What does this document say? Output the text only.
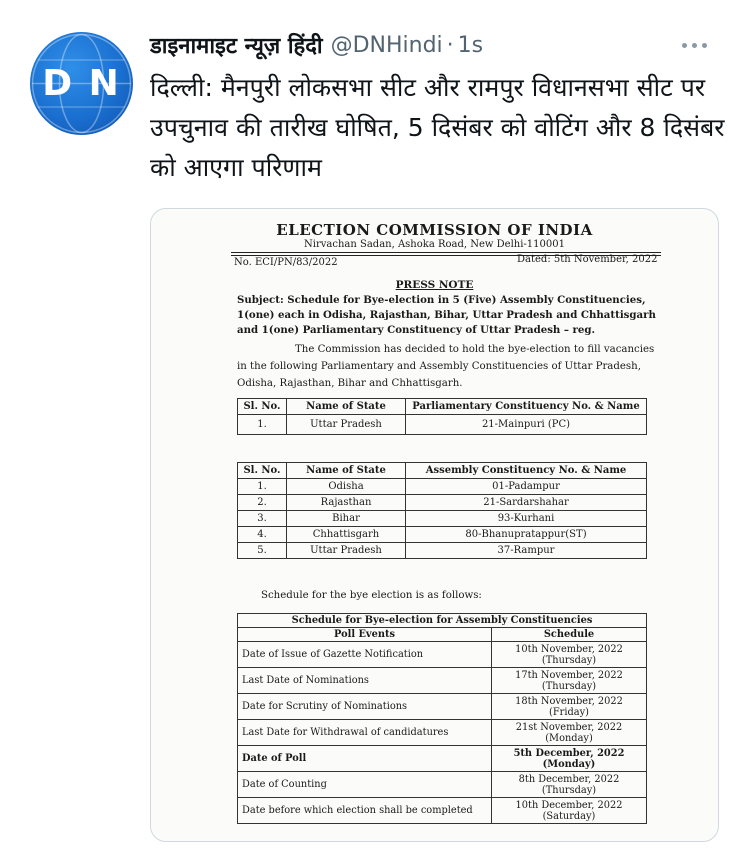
D N
डाइनामाइट न्यूज़ हिंदी @DNHindi · 1s
दिल्ली: मैनपुरी लोकसभा सीट और रामपुर विधानसभा सीट पर उपचुनाव की तारीख घोषित, 5 दिसंबर को वोटिंग और 8 दिसंबर को आएगा परिणाम
ELECTION COMMISSION OF INDIA
Nirvachan Sadan, Ashoka Road, New Delhi-110001
No. ECI/PN/83/2022	Dated: 5th November, 2022
PRESS NOTE
Subject: Schedule for Bye-election in 5 (Five) Assembly Constituencies, 1(one) each in Odisha, Rajasthan, Bihar, Uttar Pradesh and Chhattisgarh and 1(one) Parliamentary Constituency of Uttar Pradesh – reg.
The Commission has decided to hold the bye-election to fill vacancies in the following Parliamentary and Assembly Constituencies of Uttar Pradesh, Odisha, Rajasthan, Bihar and Chhattisgarh.
Sl. No.	Name of State	Parliamentary Constituency No. & Name
1.	Uttar Pradesh	21-Mainpuri (PC)
Sl. No.	Name of State	Assembly Constituency No. & Name
1.	Odisha	01-Padampur
2.	Rajasthan	21-Sardarshahar
3.	Bihar	93-Kurhani
4.	Chhattisgarh	80-Bhanupratappur(ST)
5.	Uttar Pradesh	37-Rampur
Schedule for the bye election is as follows:
Schedule for Bye-election for Assembly Constituencies	
Poll Events	Schedule
Date of Issue of Gazette Notification	10th November, 2022
(Thursday)
Last Date of Nominations	17th November, 2022
(Thursday)
Date for Scrutiny of Nominations	18th November, 2022
(Friday)
Last Date for Withdrawal of candidatures	21st November, 2022
(Monday)
Date of Poll	5th December, 2022
(Monday)
Date of Counting	8th December, 2022
(Thursday)
Date before which election shall be completed	10th December, 2022
(Saturday)
